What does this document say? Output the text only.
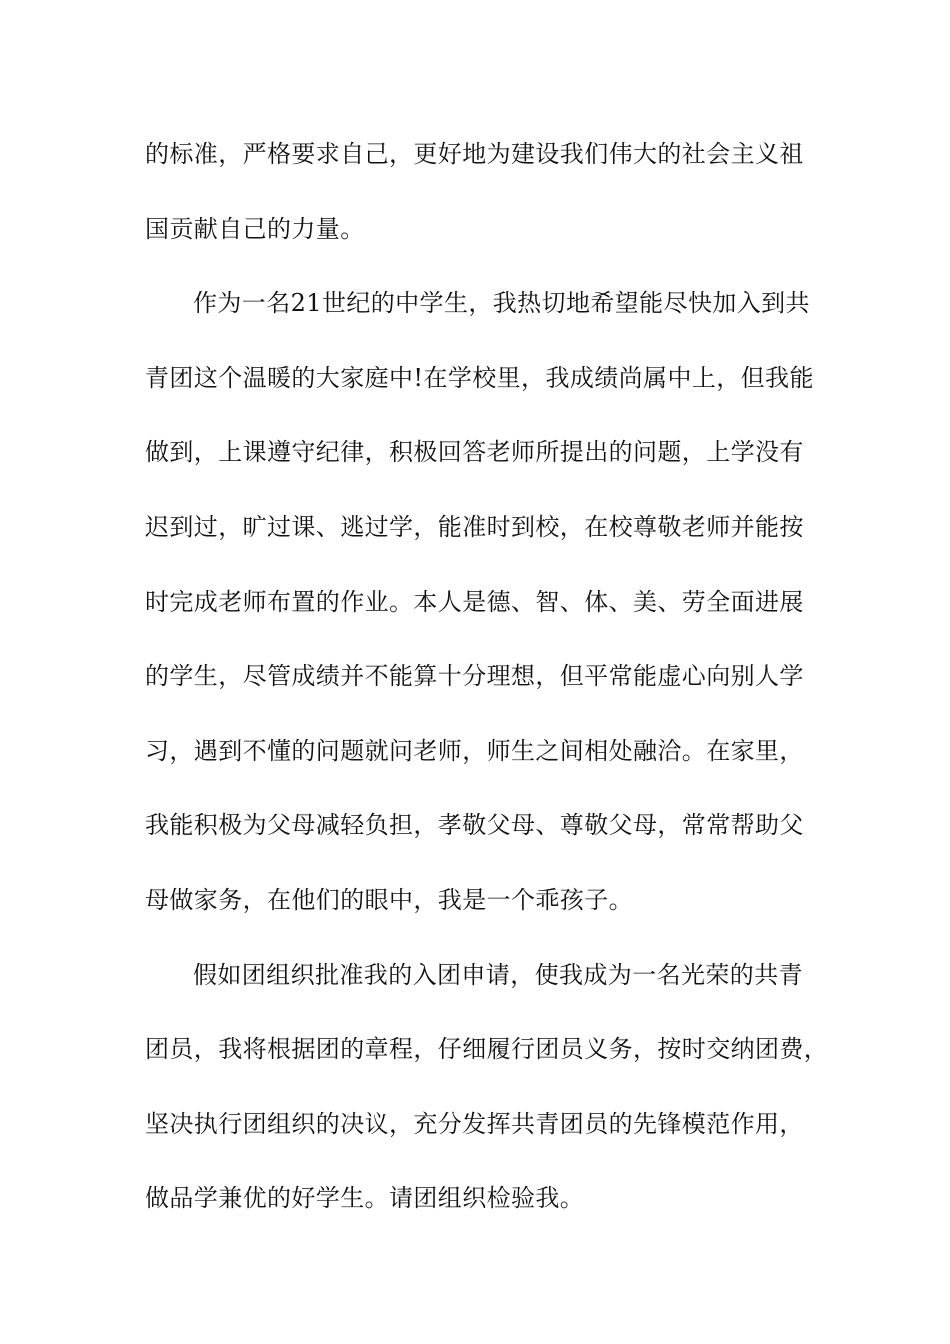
的标准，严格要求自己，更好地为建设我们伟大的社会主义祖
国贡献自己的力量。
作为一名21世纪的中学生，我热切地希望能尽快加入到共
青团这个温暖的大家庭中!在学校里，我成绩尚属中上，但我能
做到，上课遵守纪律，积极回答老师所提出的问题，上学没有
迟到过，旷过课、逃过学，能准时到校，在校尊敬老师并能按
时完成老师布置的作业。本人是德、智、体、美、劳全面进展
的学生，尽管成绩并不能算十分理想，但平常能虚心向别人学
习，遇到不懂的问题就问老师，师生之间相处融洽。在家里，
我能积极为父母减轻负担，孝敬父母、尊敬父母，常常帮助父
母做家务，在他们的眼中，我是一个乖孩子。
假如团组织批准我的入团申请，使我成为一名光荣的共青
团员，我将根据团的章程，仔细履行团员义务，按时交纳团费，
坚决执行团组织的决议，充分发挥共青团员的先锋模范作用，
做品学兼优的好学生。请团组织检验我。
